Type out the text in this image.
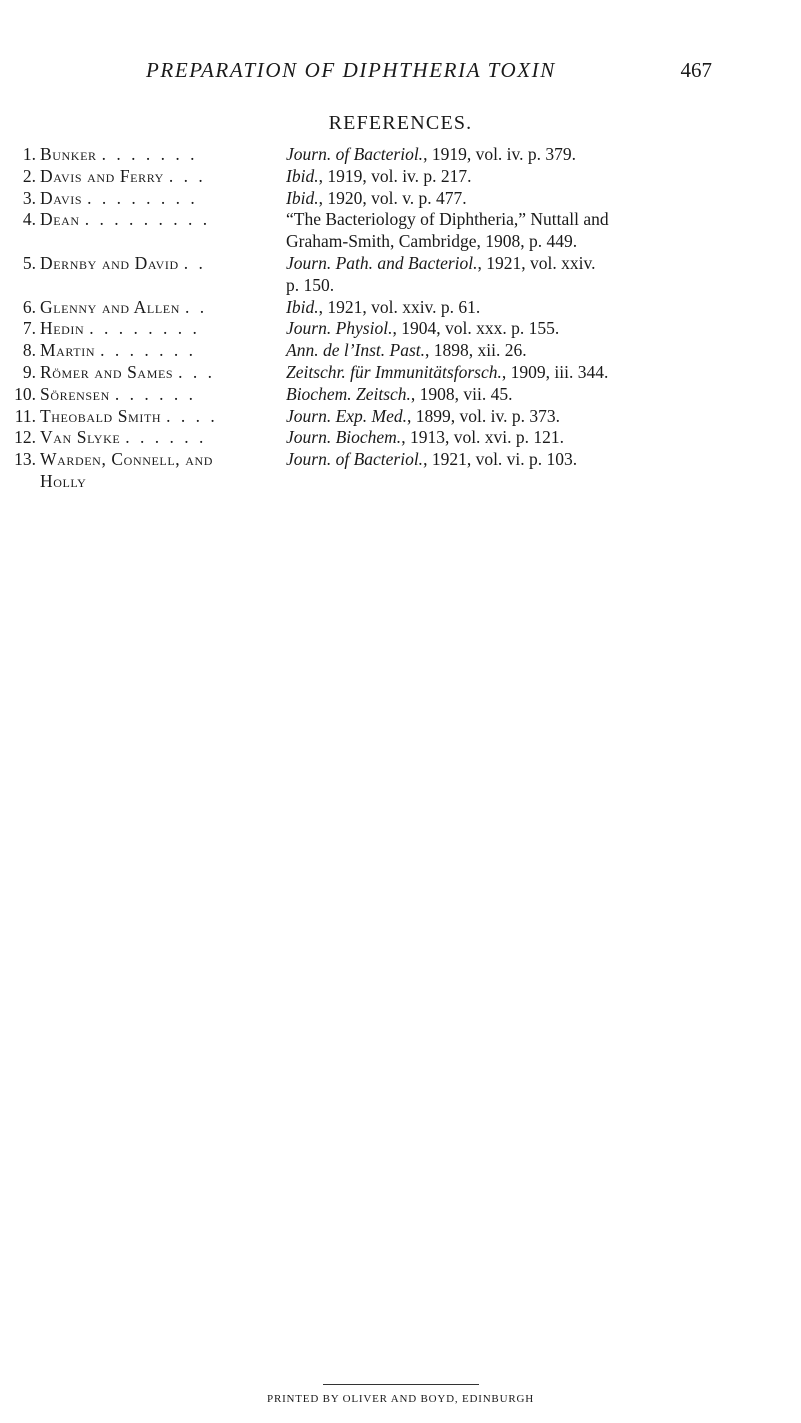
PREPARATION OF DIPHTHERIA TOXIN	467
REFERENCES.
1. Bunker . . . . . . .	Journ. of Bacteriol., 1919, vol. iv. p. 379.
2. Davis and Ferry . . .	Ibid., 1919, vol. iv. p. 217.
3. Davis . . . . . . . .	Ibid., 1920, vol. v. p. 477.
4. Dean . . . . . . . . .	“The Bacteriology of Diphtheria,” Nuttall and
Graham-Smith, Cambridge, 1908, p. 449.
5. Dernby and David . .	Journ. Path. and Bacteriol., 1921, vol. xxiv.
p. 150.
6. Glenny and Allen . .	Ibid., 1921, vol. xxiv. p. 61.
7. Hedin . . . . . . . .	Journ. Physiol., 1904, vol. xxx. p. 155.
8. Martin . . . . . . .	Ann. de l’Inst. Past., 1898, xii. 26.
9. Römer and Sames . . .	Zeitschr. für Immunitätsforsch., 1909, iii. 344.
10. Sörensen . . . . . .	Biochem. Zeitsch., 1908, vii. 45.
11. Theobald Smith . . . .	Journ. Exp. Med., 1899, vol. iv. p. 373.
12. Van Slyke . . . . . .	Journ. Biochem., 1913, vol. xvi. p. 121.
13. Warden, Connell, and	Journ. of Bacteriol., 1921, vol. vi. p. 103.
Holly
PRINTED BY OLIVER AND BOYD, EDINBURGH
